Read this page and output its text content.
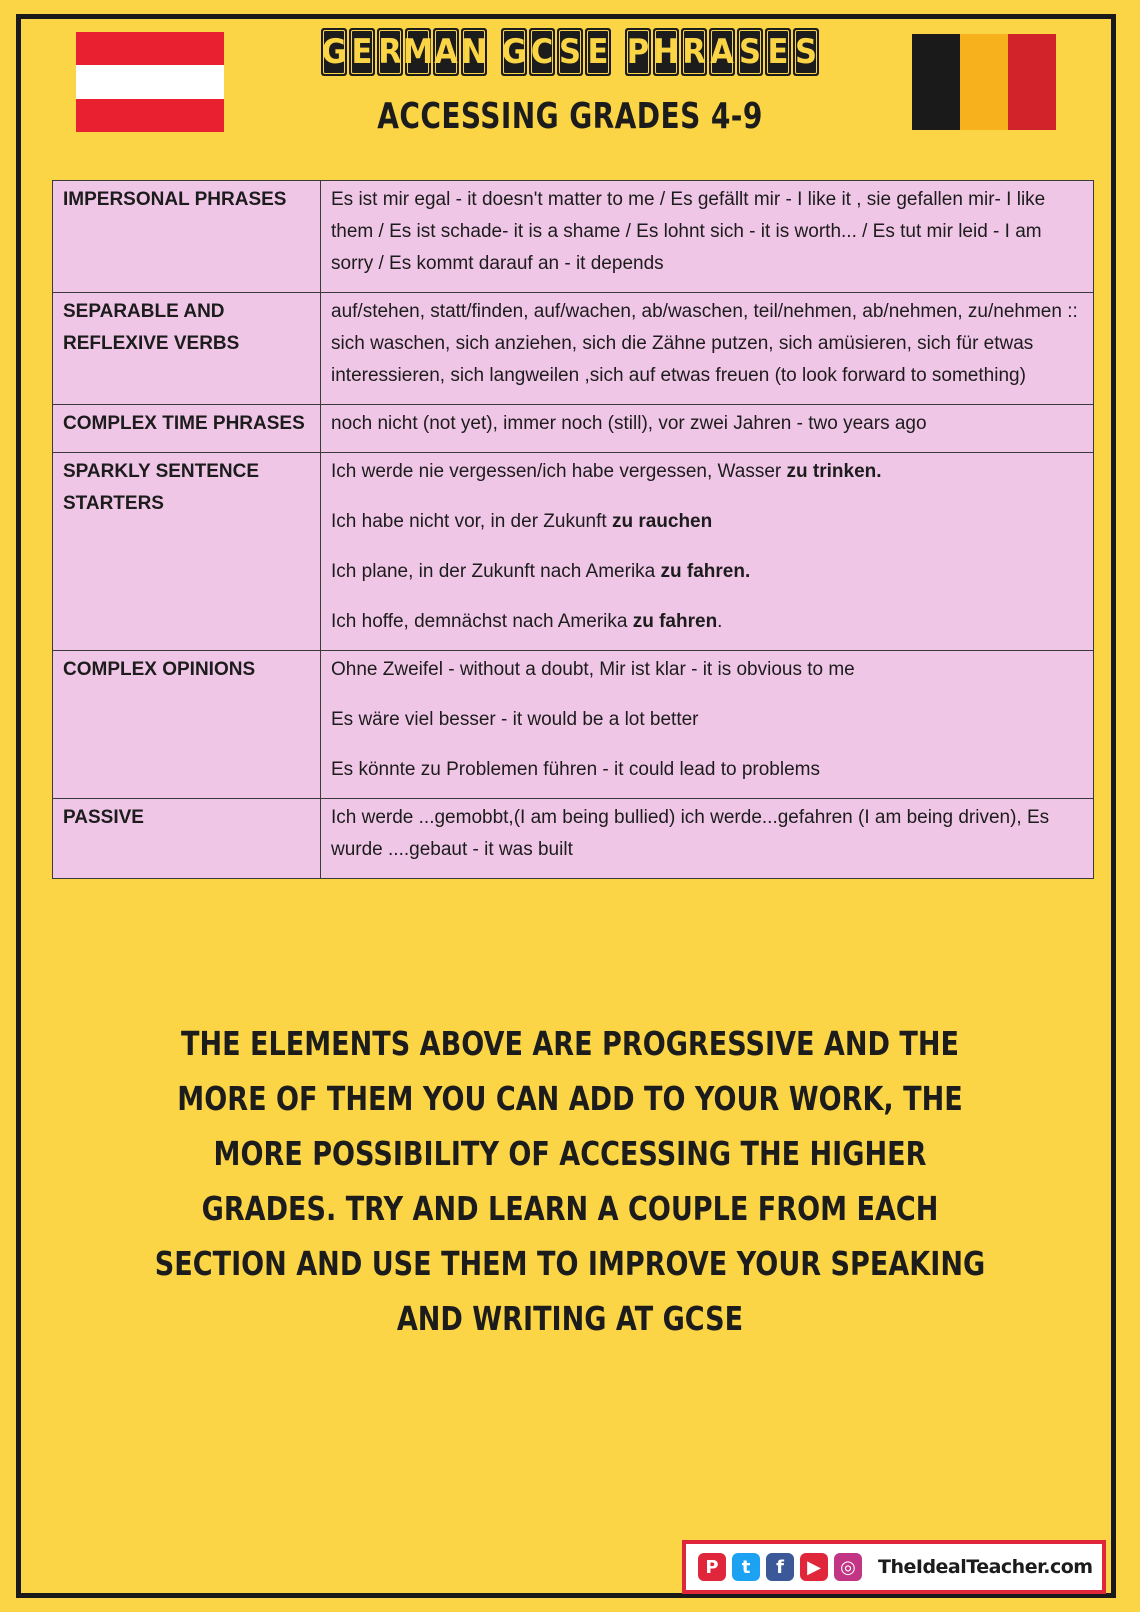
G E R M A N G C S E P H R A S E S
ACCESSING GRADES 4-9
IMPERSONAL PHRASES	Es ist mir egal - it doesn't matter to me / Es gefällt mir - I like it , sie gefallen mir- I like them / Es ist schade- it is a shame / Es lohnt sich - it is worth... / Es tut mir leid - I am sorry / Es kommt darauf an - it depends

SEPARABLE AND REFLEXIVE VERBS	auf/stehen, statt/finden, auf/wachen, ab/waschen, teil/nehmen, ab/nehmen, zu/nehmen :: sich waschen, sich anziehen, sich die Zähne putzen, sich amüsieren, sich für etwas interessieren, sich langweilen ,sich auf etwas freuen (to look forward to something)

COMPLEX TIME PHRASES	noch nicht (not yet), immer noch (still), vor zwei Jahren - two years ago

SPARKLY SENTENCE STARTERS	Ich werde nie vergessen/ich habe vergessen, Wasser zu trinken.

Ich habe nicht vor, in der Zukunft zu rauchen

Ich plane, in der Zukunft nach Amerika zu fahren.

Ich hoffe, demnächst nach Amerika zu fahren.

COMPLEX OPINIONS	Ohne Zweifel - without a doubt, Mir ist klar - it is obvious to me

Es wäre viel besser - it would be a lot better

Es könnte zu Problemen führen - it could lead to problems

PASSIVE	Ich werde ...gemobbt,(I am being bullied) ich werde...gefahren (I am being driven), Es wurde ....gebaut - it was built

THE ELEMENTS ABOVE ARE PROGRESSIVE AND THE MORE OF THEM YOU CAN ADD TO YOUR WORK, THE MORE POSSIBILITY OF ACCESSING THE HIGHER GRADES. TRY AND LEARN A COUPLE FROM EACH SECTION AND USE THEM TO IMPROVE YOUR SPEAKING AND WRITING AT GCSE
P	t	f	▶	◎	TheIdealTeacher.com
